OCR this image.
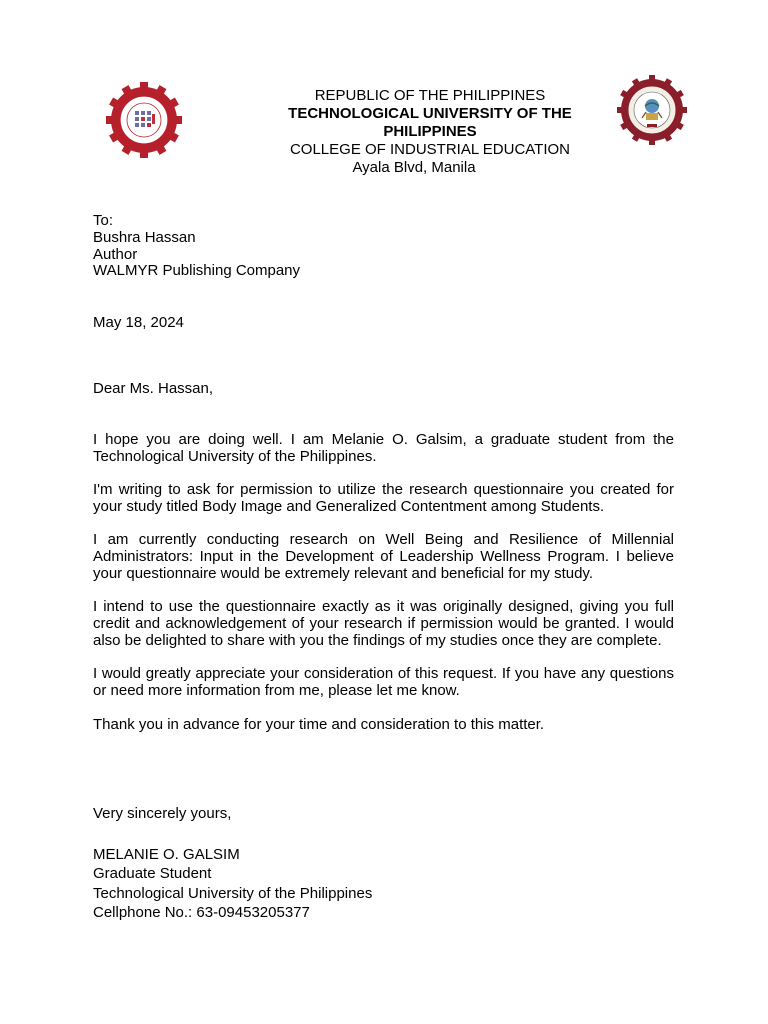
REPUBLIC OF THE PHILIPPINES
TECHNOLOGICAL UNIVERSITY OF THE
PHILIPPINES
COLLEGE OF INDUSTRIAL EDUCATION
Ayala Blvd, Manila
To:
Bushra Hassan
Author
WALMYR Publishing Company
May 18, 2024
Dear Ms. Hassan,

I hope you are doing well. I am Melanie O. Galsim, a graduate student from the Technological University of the Philippines.

I'm writing to ask for permission to utilize the research questionnaire you created for your study titled Body Image and Generalized Contentment among Students.

I am currently conducting research on Well Being and Resilience of Millennial Administrators: Input in the Development of Leadership Wellness Program. I believe your questionnaire would be extremely relevant and beneficial for my study.

I intend to use the questionnaire exactly as it was originally designed, giving you full credit and acknowledgement of your research if permission would be granted. I would also be delighted to share with you the findings of my studies once they are complete.

I would greatly appreciate your consideration of this request. If you have any questions or need more information from me, please let me know.

Thank you in advance for your time and consideration to this matter.

Very sincerely yours,
MELANIE O. GALSIM
Graduate Student
Technological University of the Philippines
Cellphone No.: 63-09453205377
